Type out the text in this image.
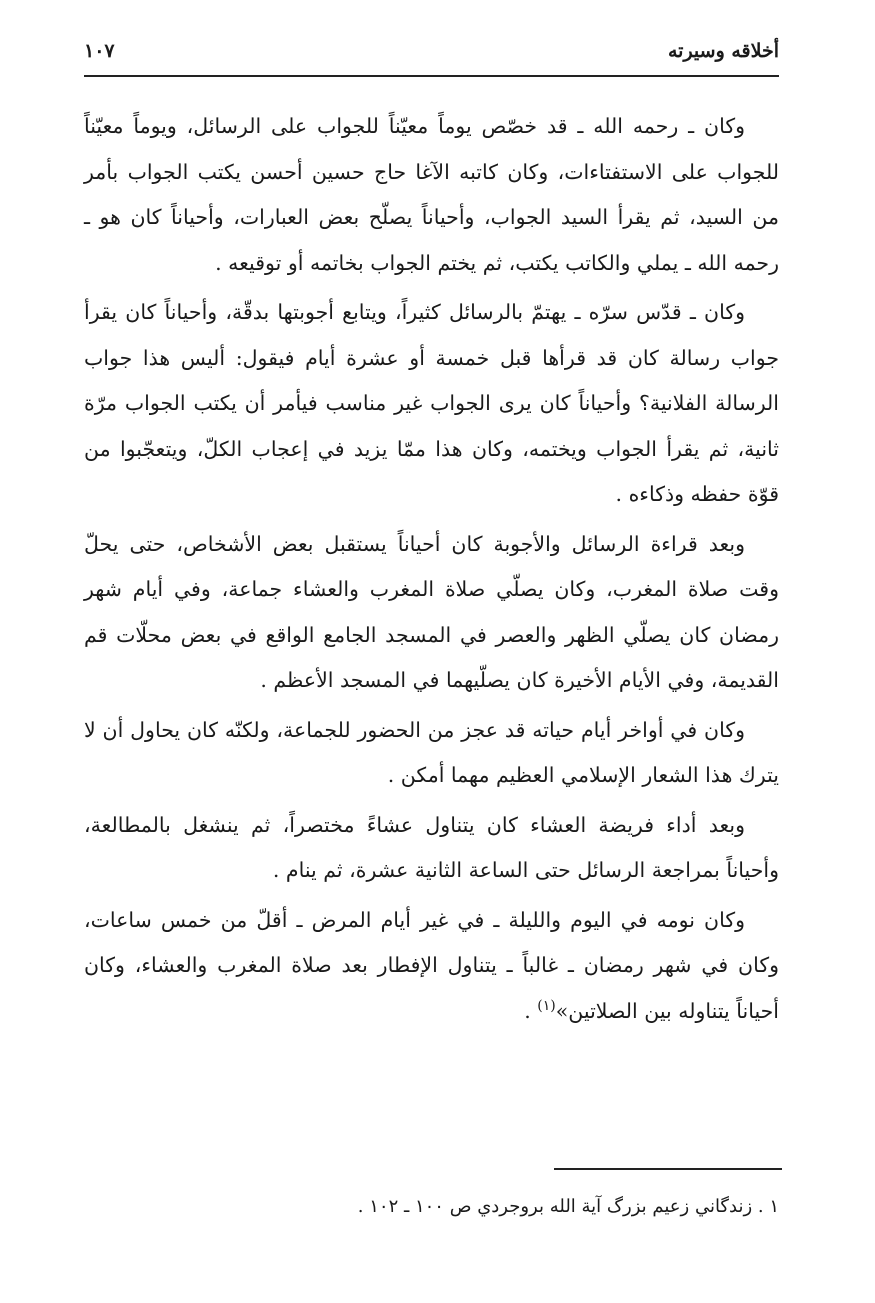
أخلاقه وسيرته
١٠٧

وكان ـ رحمه الله ـ قد خصّص يوماً معيّناً للجواب على الرسائل، ويوماً معيّناً للجواب على الاستفتاءات، وكان كاتبه الآغا حاج حسين أحسن يكتب الجواب بأمر من السيد، ثم يقرأ السيد الجواب، وأحياناً يصلّح بعض العبارات، وأحياناً كان هو ـ رحمه الله ـ يملي والكاتب يكتب، ثم يختم الجواب بخاتمه أو توقيعه .

وكان ـ قدّس سرّه ـ يهتمّ بالرسائل كثيراً، ويتابع أجوبتها بدقّة، وأحياناً كان يقرأ جواب رسالة كان قد قرأها قبل خمسة أو عشرة أيام فيقول: أليس هذا جواب الرسالة الفلانية؟ وأحياناً كان يرى الجواب غير مناسب فيأمر أن يكتب الجواب مرّة ثانية، ثم يقرأ الجواب ويختمه، وكان هذا ممّا يزيد في إعجاب الكلّ، ويتعجّبوا من قوّة حفظه وذكاءه .

وبعد قراءة الرسائل والأجوبة كان أحياناً يستقبل بعض الأشخاص، حتى يحلّ وقت صلاة المغرب، وكان يصلّي صلاة المغرب والعشاء جماعة، وفي أيام شهر رمضان كان يصلّي الظهر والعصر في المسجد الجامع الواقع في بعض محلّات قم القديمة، وفي الأيام الأخيرة كان يصلّيهما في المسجد الأعظم .

وكان في أواخر أيام حياته قد عجز من الحضور للجماعة، ولكنّه كان يحاول أن لا يترك هذا الشعار الإسلامي العظيم مهما أمكن .

وبعد أداء فريضة العشاء كان يتناول عشاءً مختصراً، ثم ينشغل بالمطالعة، وأحياناً بمراجعة الرسائل حتى الساعة الثانية عشرة، ثم ينام .

وكان نومه في اليوم والليلة ـ في غير أيام المرض ـ أقلّ من خمس ساعات، وكان في شهر رمضان ـ غالباً ـ يتناول الإفطار بعد صلاة المغرب والعشاء، وكان أحياناً يتناوله بين الصلاتين»$^{(١)}$ .

١ . زندگاني زعيم بزرگ آية الله بروجردي ص ١٠٠ ـ ١٠٢ .
